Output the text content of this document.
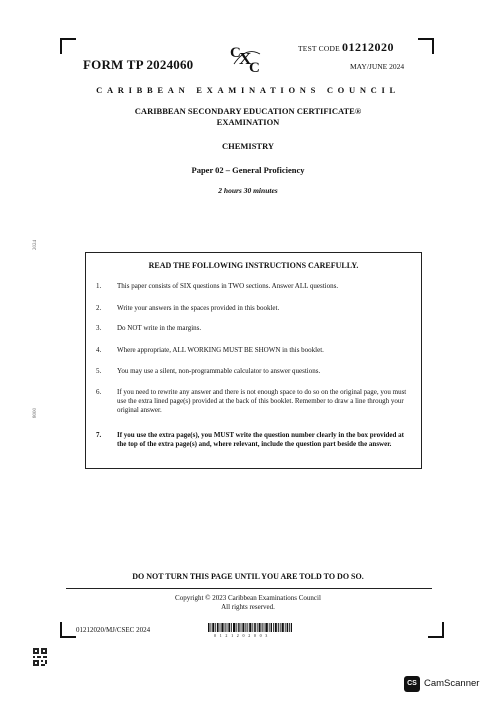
FORM TP 2024060
C
X
C
TEST CODE 01212020
MAY/JUNE 2024
CARIBBEAN EXAMINATIONS COUNCIL
CARIBBEAN SECONDARY EDUCATION CERTIFICATE®
EXAMINATION
CHEMISTRY
Paper 02 – General Proficiency
2 hours 30 minutes
2024
8000
READ THE FOLLOWING INSTRUCTIONS CAREFULLY.
1.	This paper consists of SIX questions in TWO sections. Answer ALL questions.
2.	Write your answers in the spaces provided in this booklet.
3.	Do NOT write in the margins.
4.	Where appropriate, ALL WORKING MUST BE SHOWN in this booklet.
5.	You may use a silent, non-programmable calculator to answer questions.
6.	If you need to rewrite any answer and there is not enough space to do so on the original page, you must use the extra lined page(s) provided at the back of this booklet. Remember to draw a line through your original answer.
7.	If you use the extra page(s), you MUST write the question number clearly in the box provided at the top of the extra page(s) and, where relevant, include the question part beside the answer.
DO NOT TURN THIS PAGE UNTIL YOU ARE TOLD TO DO SO.
Copyright © 2023 Caribbean Examinations Council
All rights reserved.
01212020/MJ/CSEC 2024
0121202003
CS CamScanner
